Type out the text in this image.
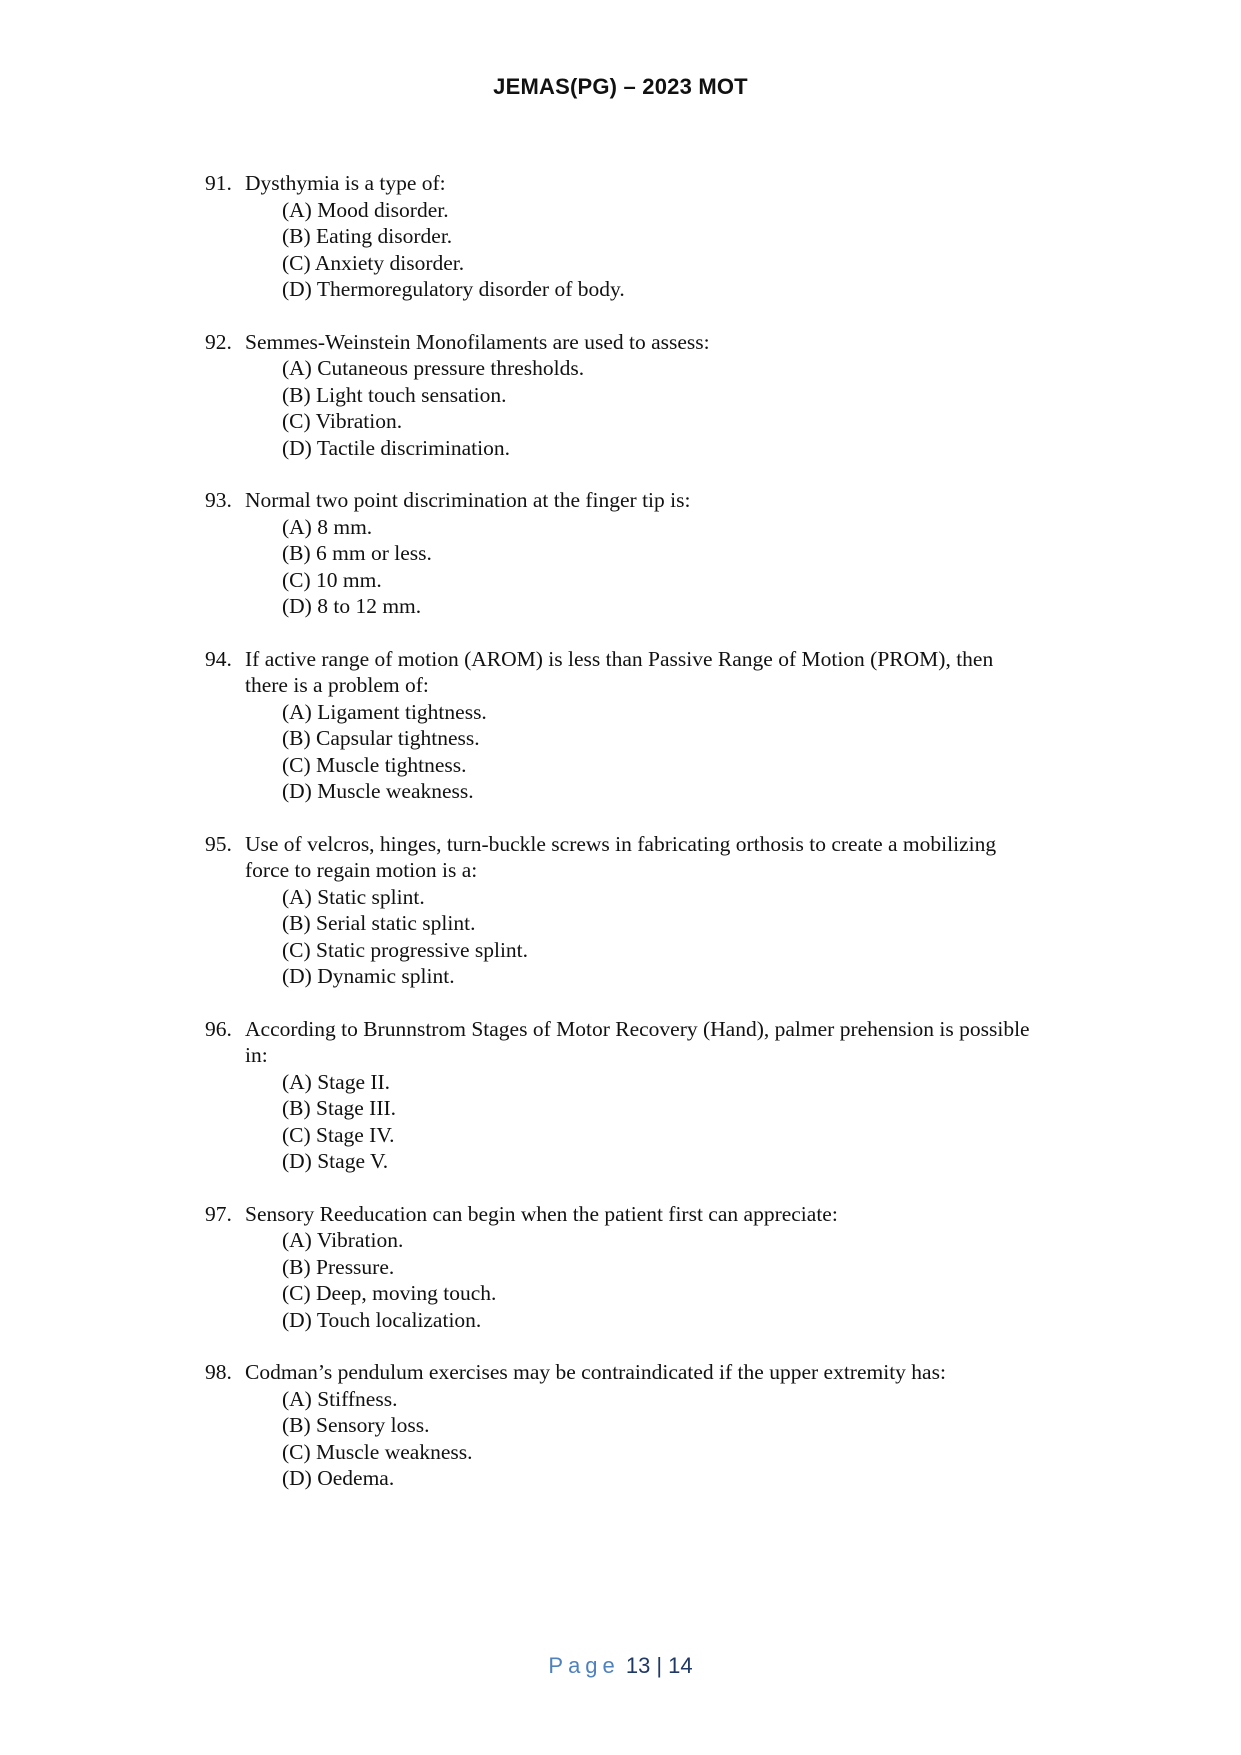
JEMAS(PG) – 2023 MOT
91. Dysthymia is a type of:
(A) Mood disorder.
(B) Eating disorder.
(C) Anxiety disorder.
(D) Thermoregulatory disorder of body.
92. Semmes-Weinstein Monofilaments are used to assess:
(A) Cutaneous pressure thresholds.
(B) Light touch sensation.
(C) Vibration.
(D) Tactile discrimination.
93. Normal two point discrimination at the finger tip is:
(A) 8 mm.
(B) 6 mm or less.
(C) 10 mm.
(D) 8 to 12 mm.
94. If active range of motion (AROM) is less than Passive Range of Motion (PROM), then there is a problem of:
(A) Ligament tightness.
(B) Capsular tightness.
(C) Muscle tightness.
(D) Muscle weakness.
95. Use of velcros, hinges, turn-buckle screws in fabricating orthosis to create a mobilizing force to regain motion is a:
(A) Static splint.
(B) Serial static splint.
(C) Static progressive splint.
(D) Dynamic splint.
96. According to Brunnstrom Stages of Motor Recovery (Hand), palmer prehension is possible in:
(A) Stage II.
(B) Stage III.
(C) Stage IV.
(D) Stage V.
97. Sensory Reeducation can begin when the patient first can appreciate:
(A) Vibration.
(B) Pressure.
(C) Deep, moving touch.
(D) Touch localization.
98. Codman’s pendulum exercises may be contraindicated if the upper extremity has:
(A) Stiffness.
(B) Sensory loss.
(C) Muscle weakness.
(D) Oedema.
Page 13 | 14
